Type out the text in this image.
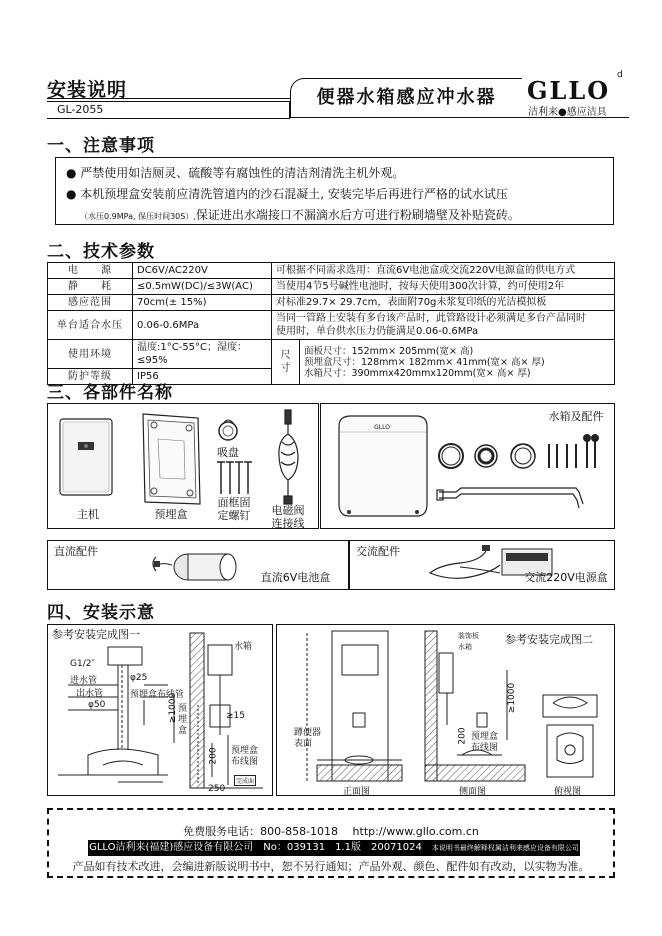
安装说明
GL-2055
便器水箱感应冲水器	GLLO
d
洁利来●感应洁具
一、注意事项
● 严禁使用如洁厕灵、硫酸等有腐蚀性的清洁剂清洗主机外观。
● 本机预埋盒安装前应清洗管道内的沙石混凝土, 安装完毕后再进行严格的试水试压
（水压0.9MPa, 保压时间30S）,保证进出水端接口不漏滴水后方可进行粉刷墙壁及补贴瓷砖。
二、技术参数
电　　源	DC6V/AC220V	可根据不同需求选用：直流6V电池盒或交流220V电源盒的供电方式	
静　　耗	≤0.5mW(DC)/≤3W(AC)	当使用4节5号碱性电池时，按每天使用300次计算，约可使用2年	
感应范围	70cm(± 15%)	对标准29.7× 29.7cm，表面附70g未浆复印纸的光洁模拟板	
单台适合水压	0.06-0.6MPa	当同一管路上安装有多台该产品时，此管路设计必须满足多台产品同时
使用时，单台供水压力仍能满足0.06-0.6MPa	

使用环境	温度:1°C-55°C；湿度：≤95%	尺寸	面板尺寸：152mm× 205mm(宽× 高)
预埋盒尺寸：128mm× 182mm× 41mm(宽× 高× 厚)
水箱尺寸：390mmx420mmx120mm(宽× 高× 厚)

防护等级	IP56		
三、各部件名称
主机	预埋盒
吸盘
面框固
定螺钉	电磁阀
连接线
GLLO
水箱及配件
直流配件
直流6V电池盒
交流配件
交流220V电源盒
四、安装示意
参考安装完成图一
G1/2″
进水管
出水管
φ50
φ25
预埋盒布线管
水箱
≥1000	≥15
200
预
埋
盒
预埋盒
布线图
250
完成面
参考安装完成图二
装饰板
水箱
蹲便器
表面
≥1000
200 预埋盒
布线图
正面图	侧面图	俯视图
免费服务电话：800-858-1018　 http://www.gllo.com.cn
GLLO洁利来(福建)感应设备有限公司　No：039131　1.1版　20071024　 本说明书最终解释权属洁利来感应设备有限公司
产品如有技术改进，会编进新版说明书中，恕不另行通知；产品外观、颜色、配件如有改动，以实物为准。
